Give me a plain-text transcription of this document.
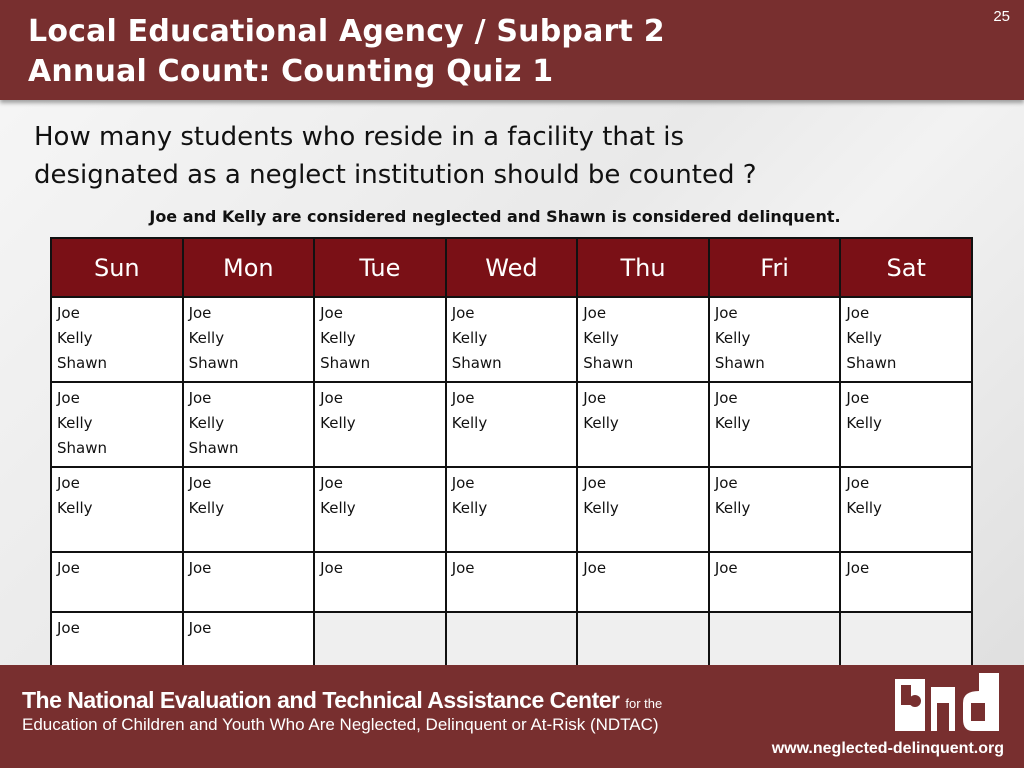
Local Educational Agency / Subpart 2
Annual Count: Counting Quiz 1
25

How many students who reside in a facility that is
designated as a neglect institution should be counted ?

Joe and Kelly are considered neglected and Shawn is considered delinquent.
Sun	Mon	Tue	Wed	Thu	Fri	Sat

Joe
Kelly
Shawn	Joe
Kelly
Shawn	Joe
Kelly
Shawn	Joe
Kelly
Shawn	Joe
Kelly
Shawn	Joe
Kelly
Shawn	Joe
Kelly
Shawn

Joe
Kelly
Shawn	Joe
Kelly
Shawn	Joe
Kelly	Joe
Kelly	Joe
Kelly	Joe
Kelly	Joe
Kelly

Joe
Kelly	Joe
Kelly	Joe
Kelly	Joe
Kelly	Joe
Kelly	Joe
Kelly	Joe
Kelly

Joe	Joe	Joe	Joe	Joe	Joe	Joe

Joe	Joe					

The National Evaluation and Technical Assistance Center for the
Education of Children and Youth Who Are Neglected, Delinquent or At-Risk (NDTAC)
www.neglected-delinquent.org
